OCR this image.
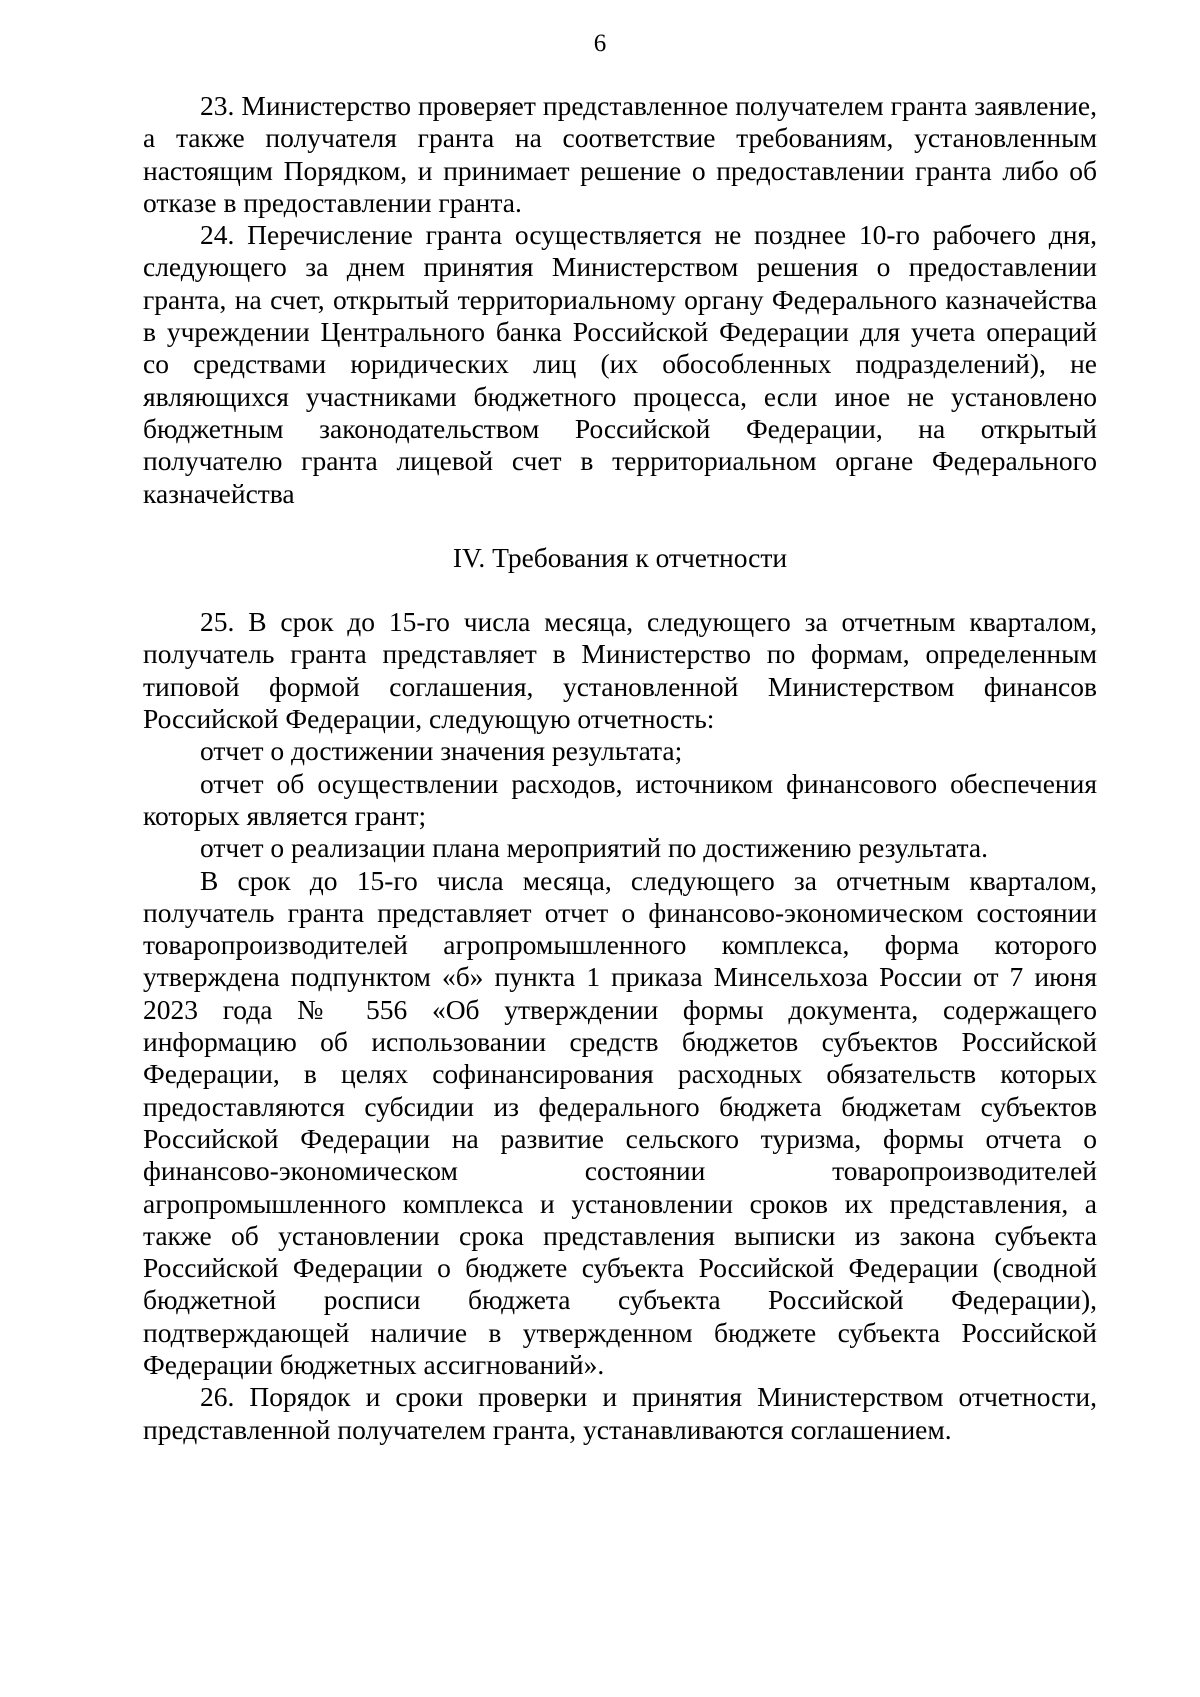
6

23. Министерство проверяет представленное получателем гранта заявление, а также получателя гранта на соответствие требованиям, установленным настоящим Порядком, и принимает решение о предоставлении гранта либо об отказе в предоставлении гранта.

24. Перечисление гранта осуществляется не позднее 10-го рабочего дня, следующего за днем принятия Министерством решения о предоставлении гранта, на счет, открытый территориальному органу Федерального казначейства в учреждении Центрального банка Российской Федерации для учета операций со средствами юридических лиц (их обособленных подразделений), не являющихся участниками бюджетного процесса, если иное не установлено бюджетным законодательством Российской Федерации, на открытый получателю гранта лицевой счет в территориальном органе Федерального казначейства

IV. Требования к отчетности

25. В срок до 15-го числа месяца, следующего за отчетным кварталом, получатель гранта представляет в Министерство по формам, определенным типовой формой соглашения, установленной Министерством финансов Российской Федерации, следующую отчетность:

отчет о достижении значения результата;

отчет об осуществлении расходов, источником финансового обеспечения которых является грант;

отчет о реализации плана мероприятий по достижению результата.

В срок до 15-го числа месяца, следующего за отчетным кварталом, получатель гранта представляет отчет о финансово-экономическом состоянии товаропроизводителей агропромышленного комплекса, форма которого утверждена подпунктом «б» пункта 1 приказа Минсельхоза России от 7 июня 2023 года № 556 «Об утверждении формы документа, содержащего информацию об использовании средств бюджетов субъектов Российской Федерации, в целях софинансирования расходных обязательств которых предоставляются субсидии из федерального бюджета бюджетам субъектов Российской Федерации на развитие сельского туризма, формы отчета о финансово-экономическом состоянии товаропроизводителей агропромышленного комплекса и установлении сроков их представления, а также об установлении срока представления выписки из закона субъекта Российской Федерации о бюджете субъекта Российской Федерации (сводной бюджетной росписи бюджета субъекта Российской Федерации), подтверждающей наличие в утвержденном бюджете субъекта Российской Федерации бюджетных ассигнований».

26. Порядок и сроки проверки и принятия Министерством отчетности, представленной получателем гранта, устанавливаются соглашением.
